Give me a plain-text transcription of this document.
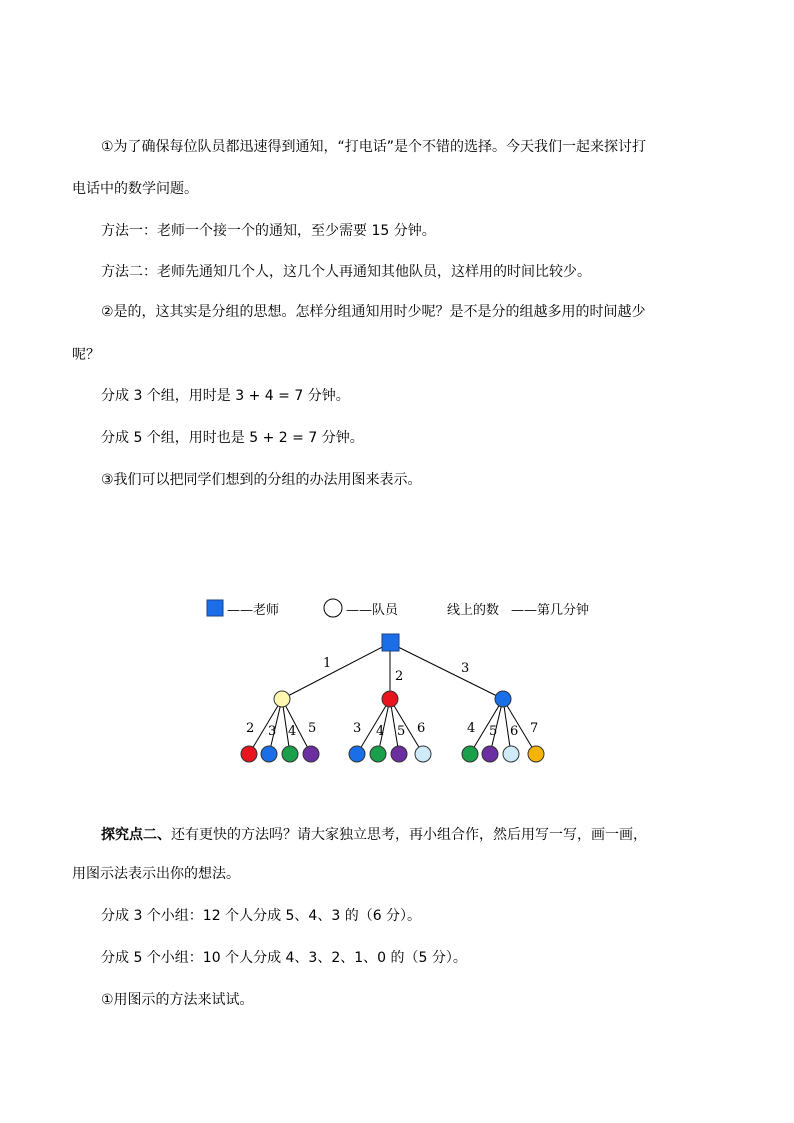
①为了确保每位队员都迅速得到通知，“打电话”是个不错的选择。今天我们一起来探讨打
电话中的数学问题。
方法一：老师一个接一个的通知，至少需要 15 分钟。
方法二：老师先通知几个人，这几个人再通知其他队员，这样用的时间比较少。
②是的，这其实是分组的思想。怎样分组通知用时少呢？是不是分的组越多用的时间越少
呢？
分成 3 个组，用时是 3 + 4 = 7 分钟。
分成 5 个组，用时也是 5 + 2 = 7 分钟。
③我们可以把同学们想到的分组的办法用图来表示。
——老师	——队员	线上的数 ——第几分钟
1
2
3
2 3 4 5	3 4 5 6	4 5 6 7
探究点二、还有更快的方法吗？请大家独立思考，再小组合作，然后用写一写，画一画，
用图示法表示出你的想法。
分成 3 个小组：12 个人分成 5、4、3 的（6 分）。
分成 5 个小组：10 个人分成 4、3、2、1、0 的（5 分）。
①用图示的方法来试试。
